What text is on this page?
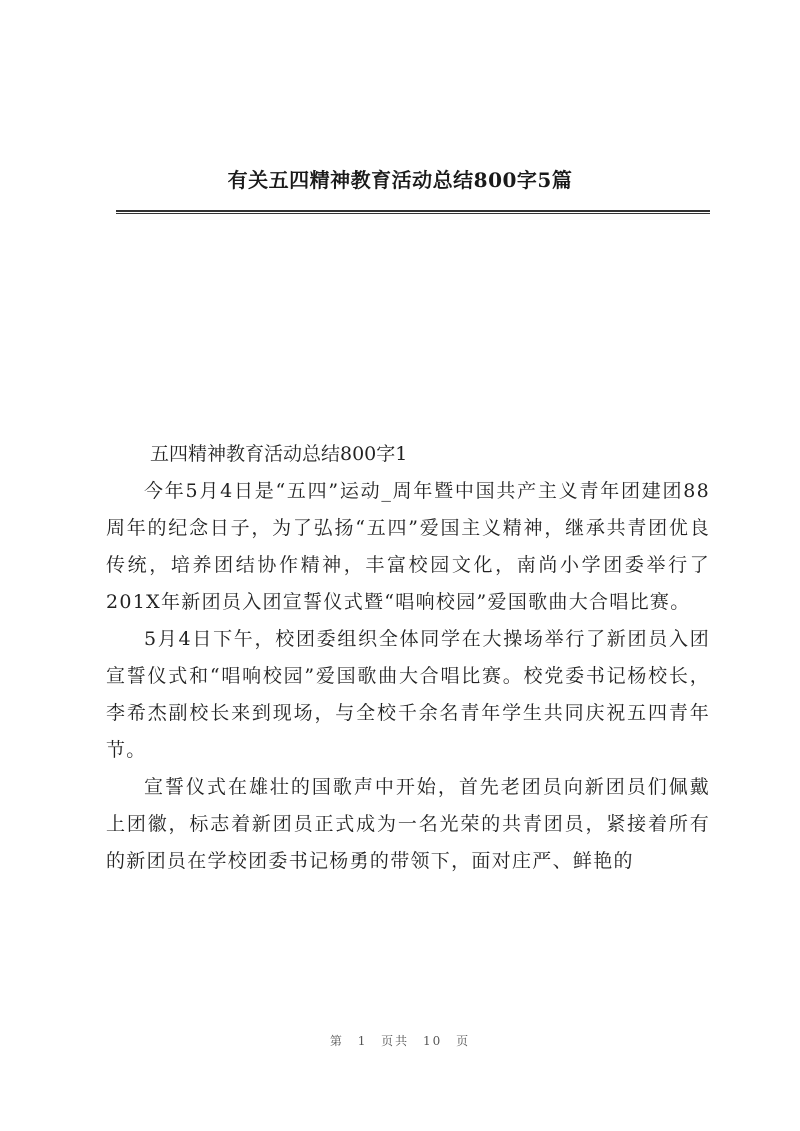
有关五四精神教育活动总结800字5篇
五四精神教育活动总结800字1

今年5月4日是“五四”运动_周年暨中国共产主义青年团建团88周年的纪念日子，为了弘扬“五四”爱国主义精神，继承共青团优良传统，培养团结协作精神，丰富校园文化，南尚小学团委举行了201X年新团员入团宣誓仪式暨“唱响校园”爱国歌曲大合唱比赛。

5月4日下午，校团委组织全体同学在大操场举行了新团员入团宣誓仪式和“唱响校园”爱国歌曲大合唱比赛。校党委书记杨校长，李希杰副校长来到现场，与全校千余名青年学生共同庆祝五四青年节。

宣誓仪式在雄壮的国歌声中开始，首先老团员向新团员们佩戴上团徽，标志着新团员正式成为一名光荣的共青团员，紧接着所有的新团员在学校团委书记杨勇的带领下，面对庄严、鲜艳的

第 1 页共 10 页
